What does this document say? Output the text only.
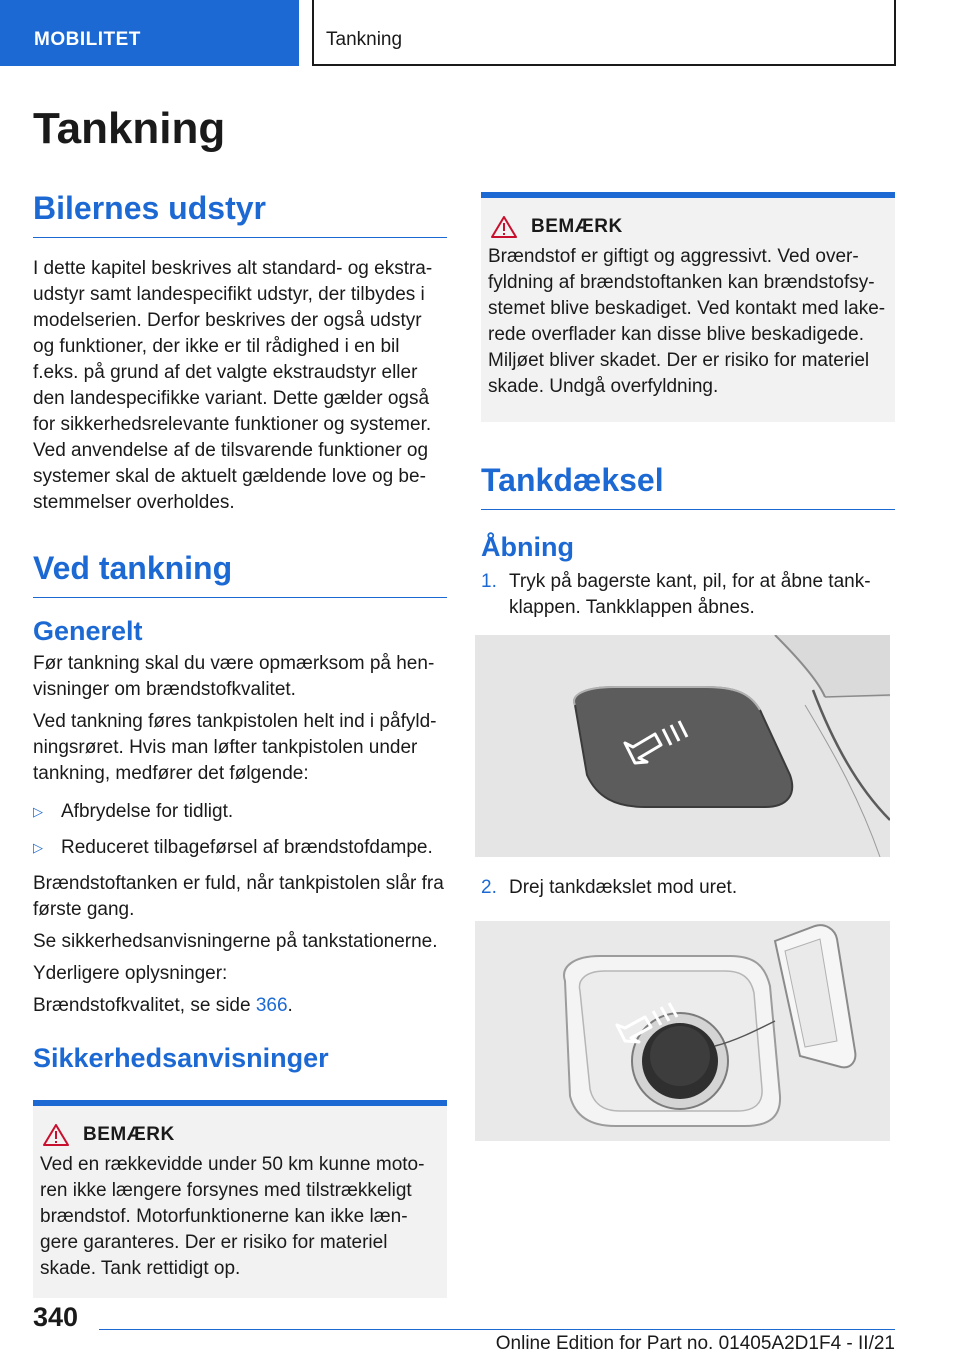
MOBILITET	Tankning
Tankning
Bilernes udstyr

I dette kapitel beskrives alt standard- og ekstraudstyr samt landespecifikt udstyr, der tilbydes i modelserien. Derfor beskrives der også udstyr og funktioner, der ikke er til rådighed i en bil f.eks. på grund af det valgte ekstraudstyr eller den landespecifikke variant. Dette gælder også for sikkerhedsrelevante funktioner og systemer. Ved anvendelse af de tilsvarende funktioner og systemer skal de aktuelt gældende love og bestemmelser overholdes.

Ved tankning
Generelt

Før tankning skal du være opmærksom på henvisninger om brændstofkvalitet.

Ved tankning føres tankpistolen helt ind i påfyldningsrøret. Hvis man løfter tankpistolen under tankning, medfører det følgende:

▷ Afbrydelse for tidligt.
▷ Reduceret tilbageførsel af brændstofdampe.

Brændstoftanken er fuld, når tankpistolen slår fra første gang.

Se sikkerhedsanvisningerne på tankstationerne.

Yderligere oplysninger:

Brændstofkvalitet, se side 366.

Sikkerhedsanvisninger
BEMÆRK

Ved en rækkevidde under 50 km kunne motoren ikke længere forsynes med tilstrækkeligt brændstof. Motorfunktionerne kan ikke længere garanteres. Der er risiko for materiel skade. Tank rettidigt op.

BEMÆRK

Brændstof er giftigt og aggressivt. Ved overfyldning af brændstoftanken kan brændstofsystemet blive beskadiget. Ved kontakt med lakerede overflader kan disse blive beskadigede. Miljøet bliver skadet. Der er risiko for materiel skade. Undgå overfyldning.

Tankdæksel
Åbning
1. Tryk på bagerste kant, pil, for at åbne tankklappen. Tankklappen åbnes.
2. Drej tankdækslet mod uret.
340
Online Edition for Part no. 01405A2D1F4 - II/21
